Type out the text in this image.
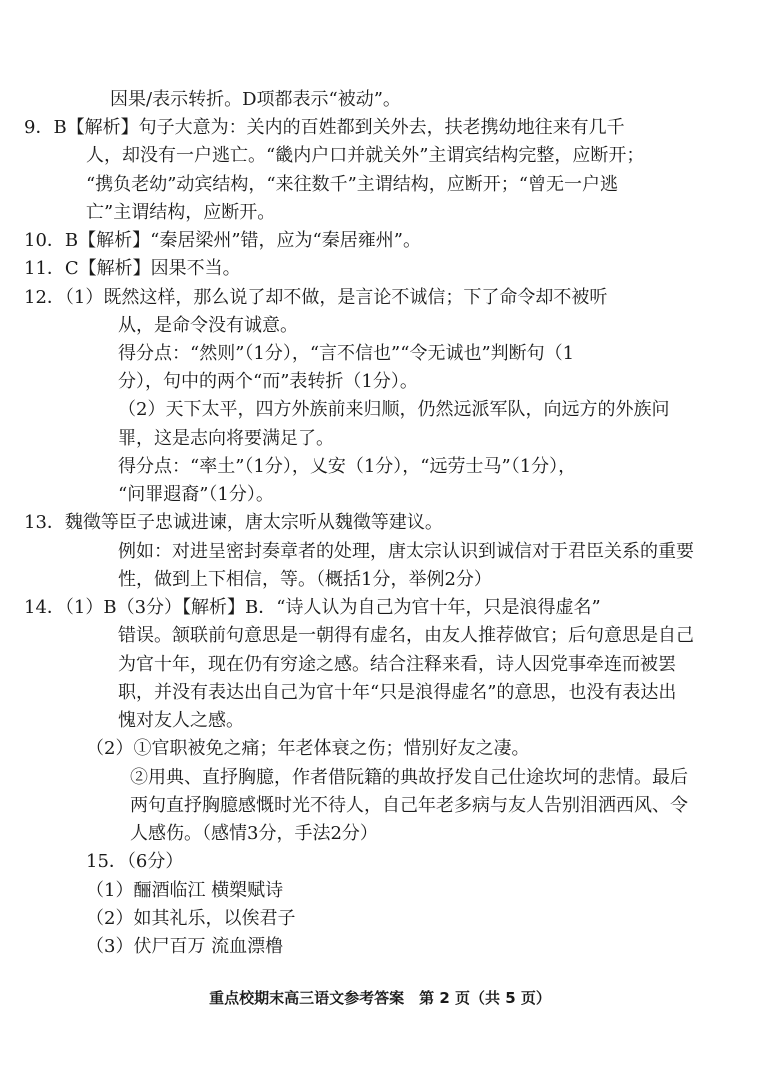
因果/表示转折。D项都表示“被动”。
9．B【解析】句子大意为：关内的百姓都到关外去，扶老携幼地往来有几千
人，却没有一户逃亡。“畿内户口并就关外”主谓宾结构完整，应断开；
“携负老幼”动宾结构，“来往数千”主谓结构，应断开；“曾无一户逃
亡”主谓结构，应断开。
10．B【解析】“秦居梁州”错，应为“秦居雍州”。
11．C【解析】因果不当。
12．（1）既然这样，那么说了却不做，是言论不诚信；下了命令却不被听
从，是命令没有诚意。
得分点：“然则”（1分），“言不信也”“令无诚也”判断句（1
分），句中的两个“而”表转折（1分）。
（2）天下太平，四方外族前来归顺，仍然远派军队，向远方的外族问
罪，这是志向将要满足了。
得分点：“率土”（1分），乂安（1分），“远劳士马”（1分），
“问罪遐裔”（1分）。
13．魏徵等臣子忠诚进谏，唐太宗听从魏徵等建议。
例如：对进呈密封奏章者的处理，唐太宗认识到诚信对于君臣关系的重要
性，做到上下相信，等。（概括1分，举例2分）
14．（1）B（3分）【解析】B．“诗人认为自己为官十年，只是浪得虚名”
错误。颔联前句意思是一朝得有虚名，由友人推荐做官；后句意思是自己
为官十年，现在仍有穷途之感。结合注释来看，诗人因党事牵连而被罢
职，并没有表达出自己为官十年“只是浪得虚名”的意思，也没有表达出
愧对友人之感。
（2）①官职被免之痛；年老体衰之伤；惜别好友之凄。
②用典、直抒胸臆，作者借阮籍的典故抒发自己仕途坎坷的悲情。最后
两句直抒胸臆感慨时光不待人，自己年老多病与友人告别泪洒西风、令
人感伤。（感情3分，手法2分）
15．（6分）
（1）酾酒临江 横槊赋诗
（2）如其礼乐，以俟君子
（3）伏尸百万 流血漂橹
重点校期末高三语文参考答案　第 2 页（共 5 页）
